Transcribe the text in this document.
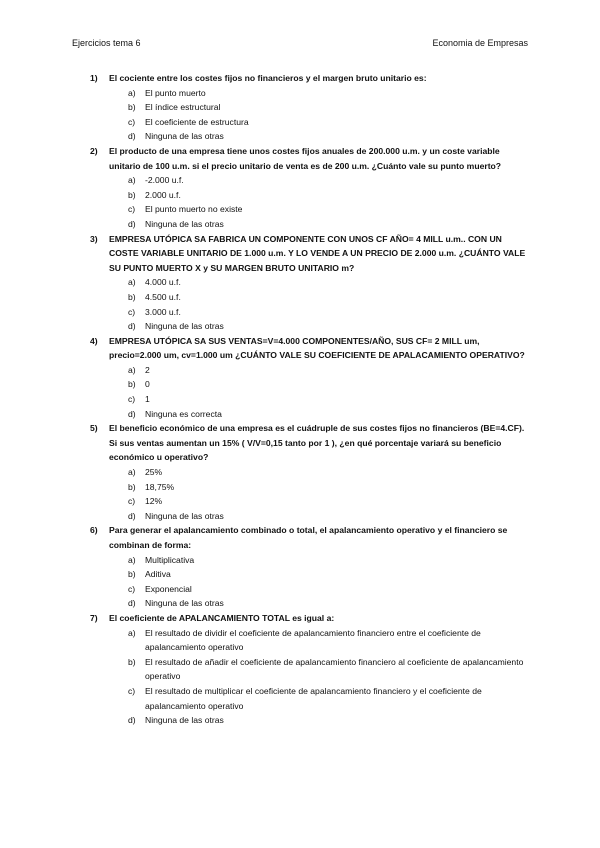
Ejercicios tema 6	Economia de Empresas
1)	El cociente entre los costes fijos no financieros y el margen bruto unitario es:
a)	El punto muerto
b)	El índice estructural
c)	El coeficiente de estructura
d)	Ninguna de las otras
2)	El producto de una empresa tiene unos costes fijos anuales de 200.000 u.m. y un coste variable unitario de 100 u.m. si el precio unitario de venta es de 200 u.m. ¿Cuánto vale su punto muerto?
a)	-2.000 u.f.
b)	2.000 u.f.
c)	El punto muerto no existe
d)	Ninguna de las otras
3)	EMPRESA UTÓPICA SA FABRICA UN COMPONENTE CON UNOS CF AÑO= 4 MILL u.m.. CON UN COSTE VARIABLE UNITARIO DE 1.000 u.m. Y LO VENDE A UN PRECIO DE 2.000 u.m. ¿CUÁNTO VALE SU PUNTO MUERTO X y SU MARGEN BRUTO UNITARIO m?
a)	4.000 u.f.
b)	4.500 u.f.
c)	3.000 u.f.
d)	Ninguna de las otras
4)	EMPRESA UTÓPICA SA SUS VENTAS=V=4.000 COMPONENTES/AÑO, SUS CF= 2 MILL um, precio=2.000 um, cv=1.000 um ¿CUÁNTO VALE SU COEFICIENTE DE APALACAMIENTO OPERATIVO?
a)	2
b)	0
c)	1
d)	Ninguna es correcta
5)	El beneficio económico de una empresa es el cuádruple de sus costes fijos no financieros (BE=4.CF). Si sus ventas aumentan un 15% ( V/V=0,15 tanto por 1 ), ¿en qué porcentaje variará su beneficio económico u operativo?
a)	25%
b)	18,75%
c)	12%
d)	Ninguna de las otras
6)	Para generar el apalancamiento combinado o total, el apalancamiento operativo y el financiero se combinan de forma:
a)	Multiplicativa
b)	Aditiva
c)	Exponencial
d)	Ninguna de las otras
7)	El coeficiente de APALANCAMIENTO TOTAL es igual a:
a)	El resultado de dividir el coeficiente de apalancamiento financiero entre el coeficiente de apalancamiento operativo
b)	El resultado de añadir el coeficiente de apalancamiento financiero al coeficiente de apalancamiento operativo
c)	El resultado de multiplicar el coeficiente de apalancamiento financiero y el coeficiente de apalancamiento operativo
d)	Ninguna de las otras
